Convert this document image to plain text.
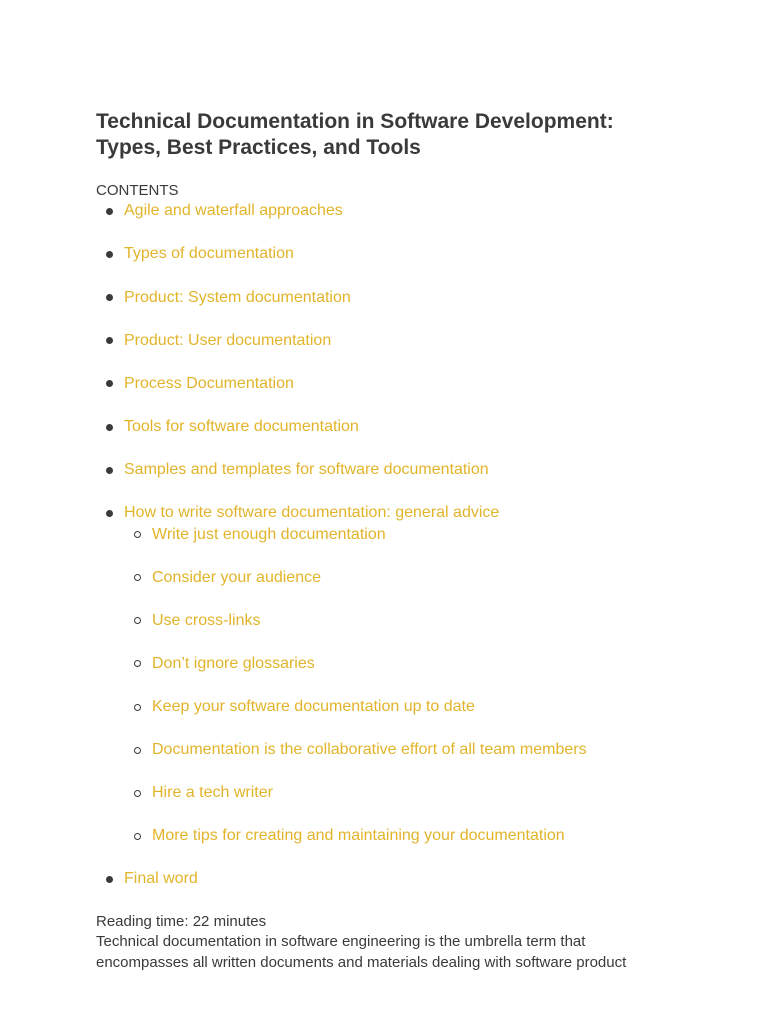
Technical Documentation in Software Development:
Types, Best Practices, and Tools
CONTENTS
Agile and waterfall approaches
Types of documentation
Product: System documentation
Product: User documentation
Process Documentation
Tools for software documentation
Samples and templates for software documentation
How to write software documentation: general advice
Write just enough documentation
Consider your audience
Use cross-links
Don’t ignore glossaries
Keep your software documentation up to date
Documentation is the collaborative effort of all team members
Hire a tech writer
More tips for creating and maintaining your documentation
Final word
Reading time: 22 minutes
Technical documentation in software engineering is the umbrella term that
encompasses all written documents and materials dealing with software product
